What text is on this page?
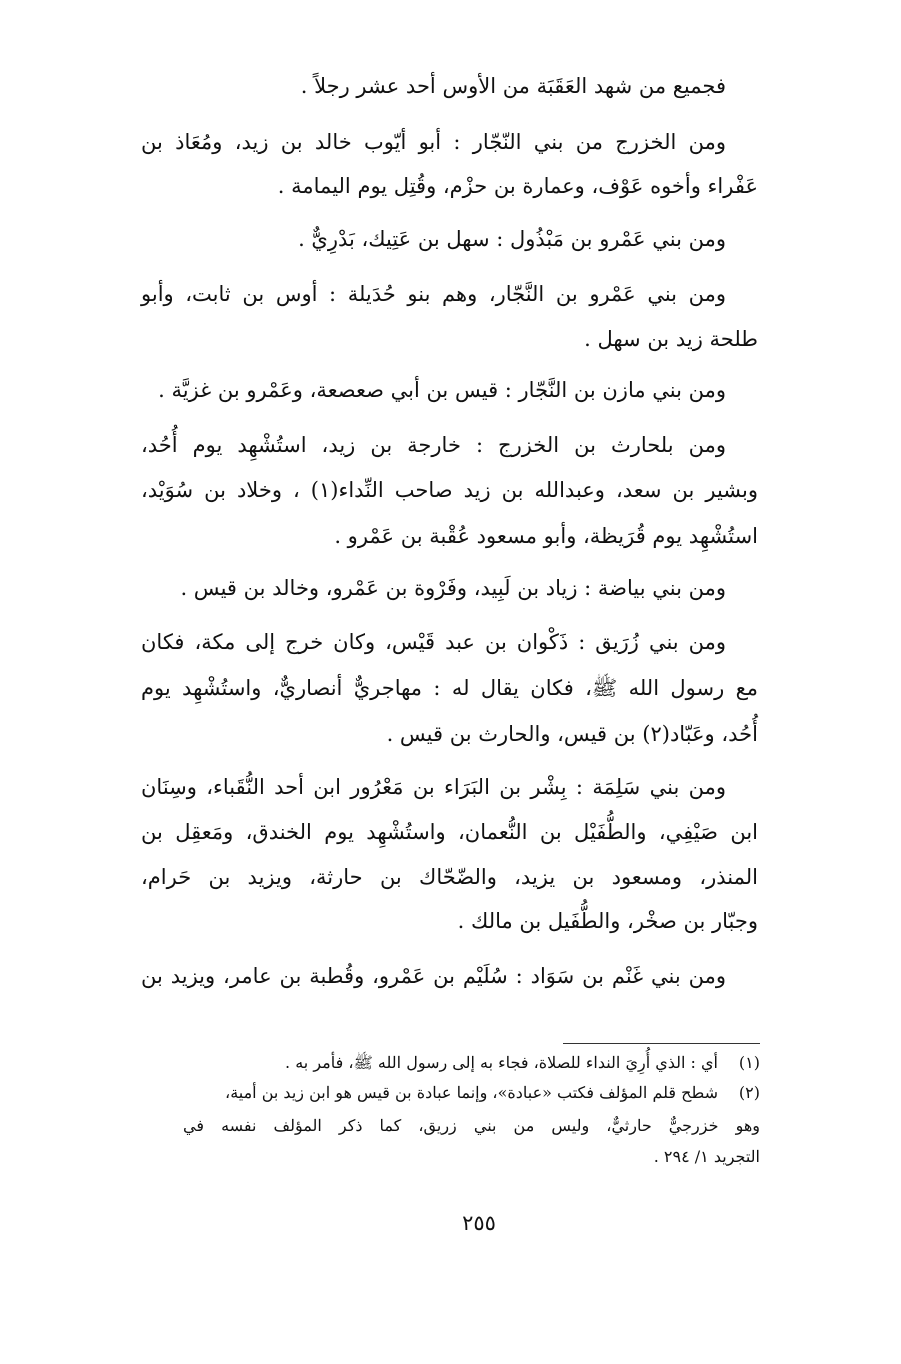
فجميع من شهد العَقَبَة من الأوس أحد عشر رجلاً .
ومن الخزرج من بني النّجّار : أبو أيّوب خالد بن زيد، ومُعَاذ بن
عَفْراء وأخوه عَوْف، وعمارة بن حزْم، وقُتِل يوم اليمامة .
ومن بني عَمْرو بن مَبْذُول : سهل بن عَتِيك، بَدْرِيٌّ .
ومن بني عَمْرو بن النَّجّار، وهم بنو حُدَيلة : أوس بن ثابت، وأبو
طلحة زيد بن سهل .
ومن بني مازن بن النَّجّار : قيس بن أبي صعصعة، وعَمْرو بن غزيَّة .
ومن بلحارث بن الخزرج : خارجة بن زيد، استُشْهِد يوم أُحُد،
وبشير بن سعد، وعبدالله بن زيد صاحب النِّداء(١) ، وخلاد بن سُوَيْد،
استُشْهِد يوم قُرَيظة، وأبو مسعود عُقْبة بن عَمْرو .
ومن بني بياضة : زياد بن لَبِيد، وفَرْوة بن عَمْرو، وخالد بن قيس .
ومن بني زُرَيق : ذَكْوان بن عبد قَيْس، وكان خرج إلى مكة، فكان
مع رسول الله ﷺ، فكان يقال له : مهاجريٌّ أنصاريٌّ، واستُشْهِد يوم
أُحُد، وعَبّاد(٢) بن قيس، والحارث بن قيس .
ومن بني سَلِمَة : بِشْر بن البَرَاء بن مَعْرُور ابن أحد النُّقَباء، وسِنَان
ابن صَيْفِي، والطُّفَيْل بن النُّعمان، واستُشْهِد يوم الخندق، ومَعقِل بن
المنذر، ومسعود بن يزيد، والضّحّاك بن حارثة، ويزيد بن حَرام،
وجبّار بن صخْر، والطُّفَيل بن مالك .
ومن بني غَنْم بن سَوَاد : سُلَيْم بن عَمْرو، وقُطبة بن عامر، ويزيد بن
(١)أي : الذي أُرِيَ النداء للصلاة، فجاء به إلى رسول الله ﷺ، فأمر به .
(٢)شطح قلم المؤلف فكتب «عبادة»، وإنما عبادة بن قيس هو ابن زيد بن أمية،
وهو خزرجيٌّ حارثيٌّ، وليس من بني زريق، كما ذكر المؤلف نفسه في
التجريد ١/ ٢٩٤ .
٢٥٥
